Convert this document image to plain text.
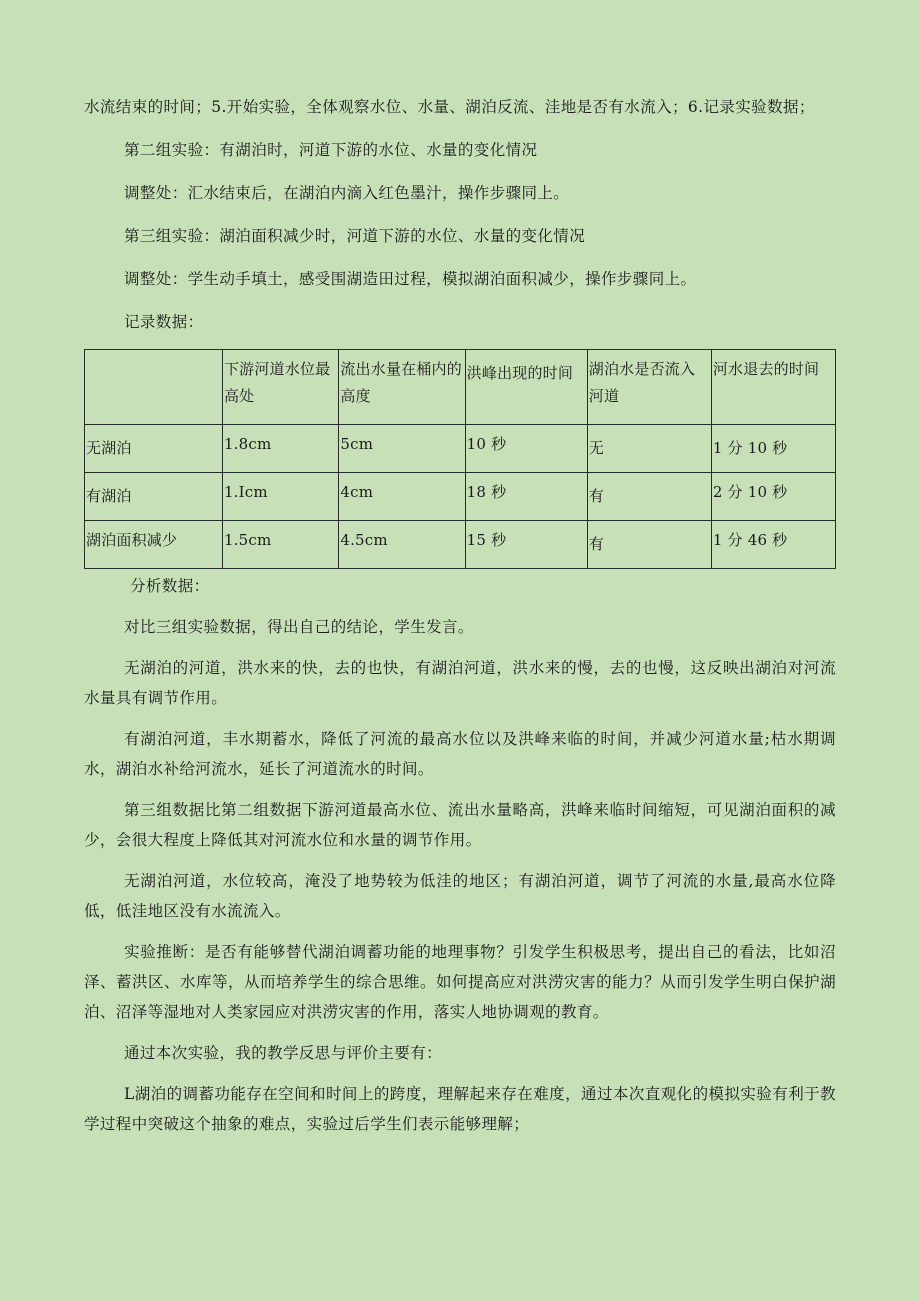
水流结束的时间；5.开始实验，全体观察水位、水量、湖泊反流、洼地是否有水流入；6.记录实验数据；

第二组实验：有湖泊时，河道下游的水位、水量的变化情况

调整处：汇水结束后，在湖泊内滴入红色墨汁，操作步骤同上。

第三组实验：湖泊面积减少时，河道下游的水位、水量的变化情况

调整处：学生动手填土，感受围湖造田过程，模拟湖泊面积减少，操作步骤同上。

记录数据：

	下游河道水位最高处	流出水量在桶内的高度	洪峰出现的时间	湖泊水是否流入河道	河水退去的时间
无湖泊	1.8cm	5cm	10 秒	无	1 分 10 秒
有湖泊	1.Icm	4cm	18 秒	有	2 分 10 秒
湖泊面积减少	1.5cm	4.5cm	15 秒	有	1 分 46 秒

分析数据：

对比三组实验数据，得出自己的结论，学生发言。

无湖泊的河道，洪水来的快，去的也快，有湖泊河道，洪水来的慢，去的也慢，这反映出湖泊对河流水量具有调节作用。

有湖泊河道，丰水期蓄水，降低了河流的最高水位以及洪峰来临的时间，并减少河道水量;枯水期调水，湖泊水补给河流水，延长了河道流水的时间。

第三组数据比第二组数据下游河道最高水位、流出水量略高，洪峰来临时间缩短，可见湖泊面积的减少，会很大程度上降低其对河流水位和水量的调节作用。

无湖泊河道，水位较高，淹没了地势较为低洼的地区；有湖泊河道，调节了河流的水量,最高水位降低，低洼地区没有水流流入。

实验推断：是否有能够替代湖泊调蓄功能的地理事物？引发学生积极思考，提出自己的看法，比如沼泽、蓄洪区、水库等，从而培养学生的综合思维。如何提高应对洪涝灾害的能力？从而引发学生明白保护湖泊、沼泽等湿地对人类家园应对洪涝灾害的作用，落实人地协调观的教育。

通过本次实验，我的教学反思与评价主要有：

L湖泊的调蓄功能存在空间和时间上的跨度，理解起来存在难度，通过本次直观化的模拟实验有利于教学过程中突破这个抽象的难点，实验过后学生们表示能够理解；
